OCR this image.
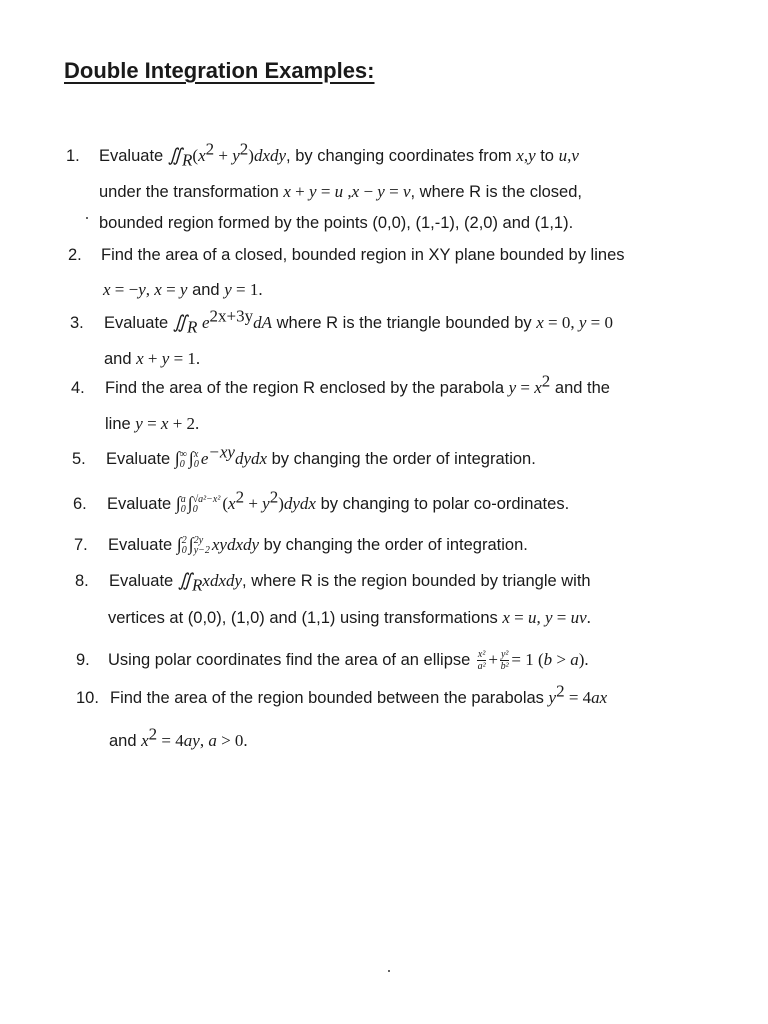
Double Integration Examples:
1. Evaluate $∬_R(x^2$ + $y^2)dxdy$, by changing coordinates from x,y to u,v
under the transformation x + y = u ,x − y = v, where R is the closed,
bounded region formed by the points (0,0), (1,-1), (2,0) and (1,1).
2. Find the area of a closed, bounded region in XY plane bounded by lines
x = −y, x = y and y = 1.
3. Evaluate $∬_R$ $e^{2x+3y}dA$ where R is the triangle bounded by x = 0, y = 0
and x + y = 1.
4. Find the area of the region R enclosed by the parabola $y = x^2$ and the
line y = x + 2.
5. Evaluate ∫ ∞
0 ∫ x
0 $e^{-xy}dydx$ by changing the order of integration.
6. Evaluate ∫ a
0 ∫ √a²−x²
0	($x^2$ + $y^2)dydx$ by changing to polar co-ordinates.
7. Evaluate ∫ 2
0 ∫ 2y
y−2 xydxdy by changing the order of integration.
8. Evaluate $∬_Rxdxdy$, where R is the region bounded by triangle with
vertices at (0,0), (1,0) and (1,1) using transformations x = u, y = uv.
9. Using polar coordinates find the area of an ellipse $\frac{\text{x²}}{\text{a²}} + \frac{\text{y²}}{\text{b²}} = 1$ (b > a).
10. Find the area of the region bounded between the parabolas $y^2 = 4ax$
and $x^2 = 4ay$, a > 0.
